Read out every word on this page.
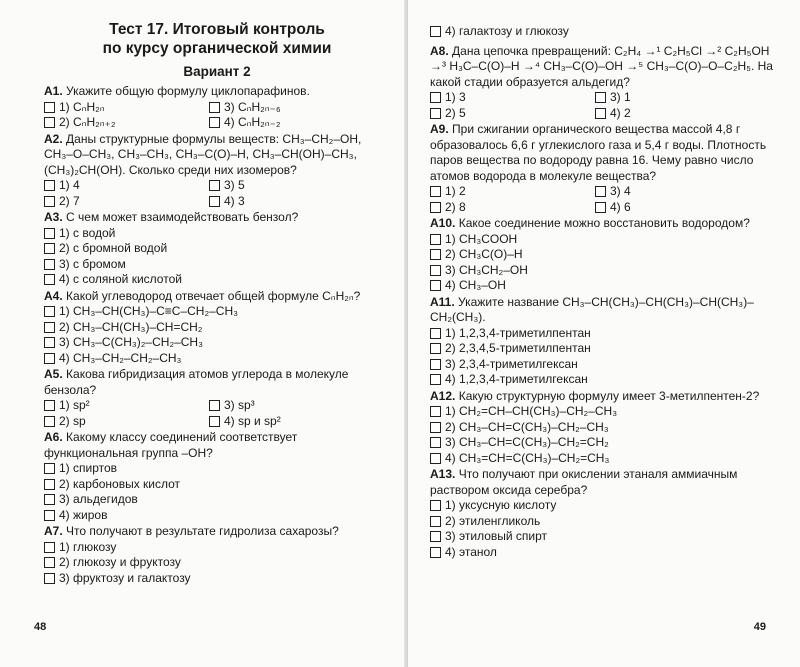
Тест 17. Итоговый контроль
по курсу органической химии
Вариант 2

А1. Укажите общую формулу циклопарафинов.

1) CₙH₂ₙ	3) CₙH₂ₙ₋₆
2) CₙH₂ₙ₊₂	4) CₙH₂ₙ₋₂

А2. Даны структурные формулы веществ: CH₃–CH₂–OH, CH₃–O–CH₃, CH₃–CH₃, CH₃–C(O)–H, CH₃–CH(OH)–CH₃, (CH₃)₂CH(OH). Сколько среди них изомеров?

1) 4	3) 5
2) 7	4) 3

А3. С чем может взаимодействовать бензол?

1) с водой
2) с бромной водой
3) с бромом
4) с соляной кислотой

А4. Какой углеводород отвечает общей формуле CₙH₂ₙ?

1) CH₃–CH(CH₃)–C≡C–CH₂–CH₃
2) CH₃–CH(CH₃)–CH=CH₂
3) CH₃–C(CH₃)₂–CH₂–CH₃
4) CH₃–CH₂–CH₂–CH₃

А5. Какова гибридизация атомов углерода в молекуле бензола?

1) sp²	3) sp³
2) sp	4) sp и sp²

А6. Какому классу соединений соответствует функциональная группа –OH?

1) спиртов
2) карбоновых кислот
3) альдегидов
4) жиров

А7. Что получают в результате гидролиза сахарозы?

1) глюкозу
2) глюкозу и фруктозу
3) фруктозу и галактозу
48
4) галактозу и глюкозу

А8. Дана цепочка превращений: C₂H₄ →¹ C₂H₅Cl →² C₂H₅OH →³ H₃C–C(O)–H →⁴ CH₃–C(O)–OH →⁵ CH₃–C(O)–O–C₂H₅. На какой стадии образуется альдегид?

1) 3	3) 1
2) 5	4) 2

А9. При сжигании органического вещества массой 4,8 г образовалось 6,6 г углекислого газа и 5,4 г воды. Плотность паров вещества по водороду равна 16. Чему равно число атомов водорода в молекуле вещества?

1) 2	3) 4
2) 8	4) 6

А10. Какое соединение можно восстановить водородом?

1) CH₃COOH
2) CH₃C(O)–H
3) CH₃CH₂–OH
4) CH₃–OH

А11. Укажите название CH₃–CH(CH₃)–CH(CH₃)–CH(CH₃)–CH₂(CH₃).

1) 1,2,3,4-триметилпентан
2) 2,3,4,5-триметилпентан
3) 2,3,4-триметилгексан
4) 1,2,3,4-триметилгексан

А12. Какую структурную формулу имеет 3-метилпентен-2?

1) CH₂=CH–CH(CH₃)–CH₂–CH₃
2) CH₃–CH=C(CH₃)–CH₂–CH₃
3) CH₃–CH=C(CH₃)–CH₂=CH₂
4) CH₃=CH=C(CH₃)–CH₂=CH₃

А13. Что получают при окислении этаналя аммиачным раствором оксида серебра?

1) уксусную кислоту
2) этиленгликоль
3) этиловый спирт
4) этанол
49
